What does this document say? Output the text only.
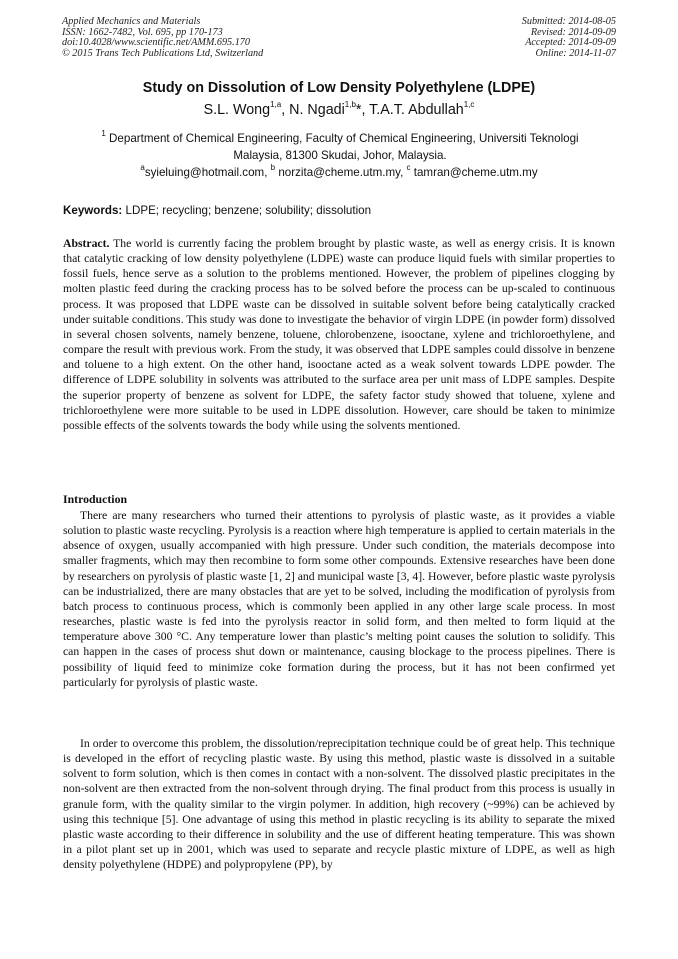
Applied Mechanics and Materials
ISSN: 1662-7482, Vol. 695, pp 170-173
doi:10.4028/www.scientific.net/AMM.695.170
© 2015 Trans Tech Publications Ltd, Switzerland
Submitted: 2014-08-05
Revised: 2014-09-09
Accepted: 2014-09-09
Online: 2014-11-07
Study on Dissolution of Low Density Polyethylene (LDPE)
S.L. Wong$^{1,a}$, N. Ngadi$^{1,b}$*, T.A.T. Abdullah$^{1,c}$
$^1$ Department of Chemical Engineering, Faculty of Chemical Engineering, Universiti Teknologi
Malaysia, 81300 Skudai, Johor, Malaysia.
$^a$syieluing@hotmail.com, $^b$ norzita@cheme.utm.my, $^c$ tamran@cheme.utm.my
Keywords: LDPE; recycling; benzene; solubility; dissolution

Abstract. The world is currently facing the problem brought by plastic waste, as well as energy crisis. It is known that catalytic cracking of low density polyethylene (LDPE) waste can produce liquid fuels with similar properties to fossil fuels, hence serve as a solution to the problems mentioned. However, the problem of pipelines clogging by molten plastic feed during the cracking process has to be solved before the process can be up-scaled to continuous process. It was proposed that LDPE waste can be dissolved in suitable solvent before being catalytically cracked under suitable conditions. This study was done to investigate the behavior of virgin LDPE (in powder form) dissolved in several chosen solvents, namely benzene, toluene, chlorobenzene, isooctane, xylene and trichloroethylene, and compare the result with previous work. From the study, it was observed that LDPE samples could dissolve in benzene and toluene to a high extent. On the other hand, isooctane acted as a weak solvent towards LDPE powder. The difference of LDPE solubility in solvents was attributed to the surface area per unit mass of LDPE samples. Despite the superior property of benzene as solvent for LDPE, the safety factor study showed that toluene, xylene and trichloroethylene were more suitable to be used in LDPE dissolution. However, care should be taken to minimize possible effects of the solvents towards the body while using the solvents mentioned.

Introduction

There are many researchers who turned their attentions to pyrolysis of plastic waste, as it provides a viable solution to plastic waste recycling. Pyrolysis is a reaction where high temperature is applied to certain materials in the absence of oxygen, usually accompanied with high pressure. Under such condition, the materials decompose into smaller fragments, which may then recombine to form some other compounds. Extensive researches have been done by researchers on pyrolysis of plastic waste [1, 2] and municipal waste [3, 4]. However, before plastic waste pyrolysis can be industrialized, there are many obstacles that are yet to be solved, including the modification of pyrolysis from batch process to continuous process, which is commonly been applied in any other large scale process. In most researches, plastic waste is fed into the pyrolysis reactor in solid form, and then melted to form liquid at the temperature above 300 °C. Any temperature lower than plastic’s melting point causes the solution to solidify. This can happen in the cases of process shut down or maintenance, causing blockage to the process pipelines. There is possibility of liquid feed to minimize coke formation during the process, but it has not been confirmed yet particularly for pyrolysis of plastic waste.

In order to overcome this problem, the dissolution/reprecipitation technique could be of great help. This technique is developed in the effort of recycling plastic waste. By using this method, plastic waste is dissolved in a suitable solvent to form solution, which is then comes in contact with a non-solvent. The dissolved plastic precipitates in the non-solvent are then extracted from the non-solvent through drying. The final product from this process is usually in granule form, with the quality similar to the virgin polymer. In addition, high recovery (~99%) can be achieved by using this technique [5]. One advantage of using this method in plastic recycling is its ability to separate the mixed plastic waste according to their difference in solubility and the use of different heating temperature. This was shown in a pilot plant set up in 2001, which was used to separate and recycle plastic mixture of LDPE, as well as high density polyethylene (HDPE) and polypropylene (PP), by
